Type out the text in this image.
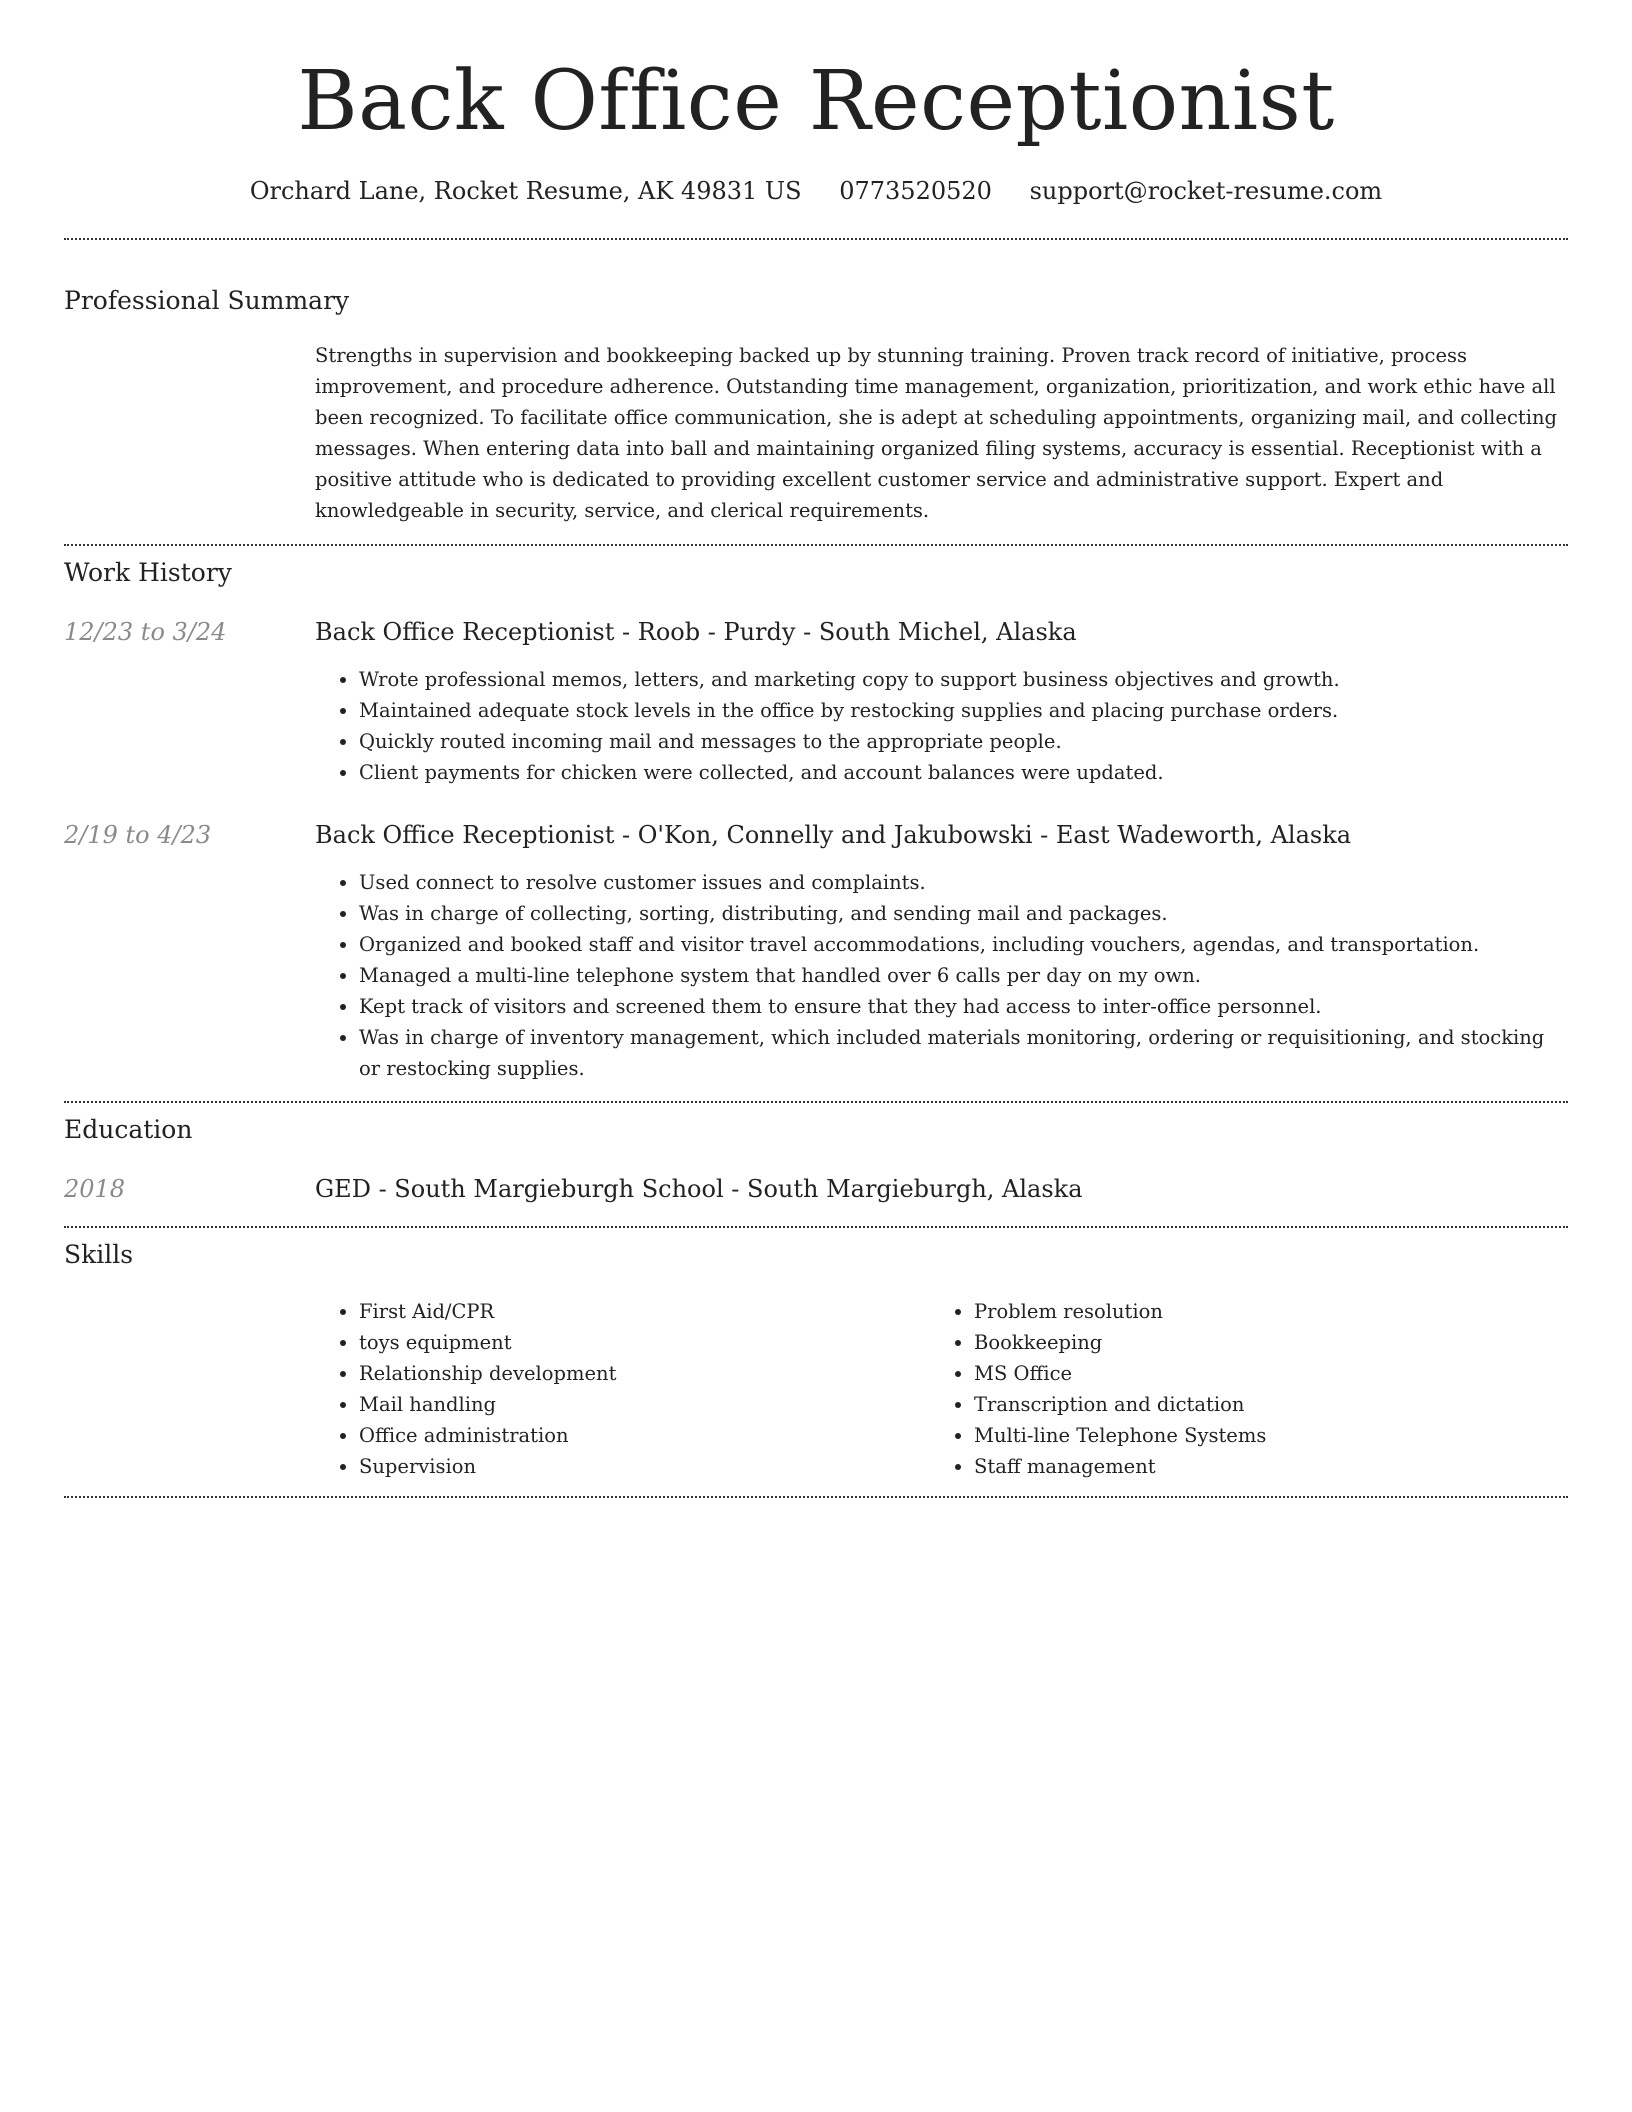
Back Office Receptionist
Orchard Lane, Rocket Resume, AK 49831 US 0773520520 support@rocket-resume.com
Professional Summary
Strengths in supervision and bookkeeping backed up by stunning training. Proven track record of initiative, process improvement, and procedure adherence. Outstanding time management, organization, prioritization, and work ethic have all been recognized. To facilitate office communication, she is adept at scheduling appointments, organizing mail, and collecting messages. When entering data into ball and maintaining organized filing systems, accuracy is essential. Receptionist with a positive attitude who is dedicated to providing excellent customer service and administrative support. Expert and knowledgeable in security, service, and clerical requirements.
Work History
12/23 to 3/24	Back Office Receptionist - Roob - Purdy - South Michel, Alaska
• Wrote professional memos, letters, and marketing copy to support business objectives and growth.
• Maintained adequate stock levels in the office by restocking supplies and placing purchase orders.
• Quickly routed incoming mail and messages to the appropriate people.
• Client payments for chicken were collected, and account balances were updated.
2/19 to 4/23	Back Office Receptionist - O'Kon, Connelly and Jakubowski - East Wadeworth, Alaska
• Used connect to resolve customer issues and complaints.
• Was in charge of collecting, sorting, distributing, and sending mail and packages.
• Organized and booked staff and visitor travel accommodations, including vouchers, agendas, and transportation.
• Managed a multi-line telephone system that handled over 6 calls per day on my own.
• Kept track of visitors and screened them to ensure that they had access to inter-office personnel.
• Was in charge of inventory management, which included materials monitoring, ordering or requisitioning, and stocking or restocking supplies.
Education
2018	GED - South Margieburgh School - South Margieburgh, Alaska
Skills
• First Aid/CPR
• toys equipment
• Relationship development
• Mail handling
• Office administration
• Supervision
• Problem resolution
• Bookkeeping
• MS Office
• Transcription and dictation
• Multi-line Telephone Systems
• Staff management
